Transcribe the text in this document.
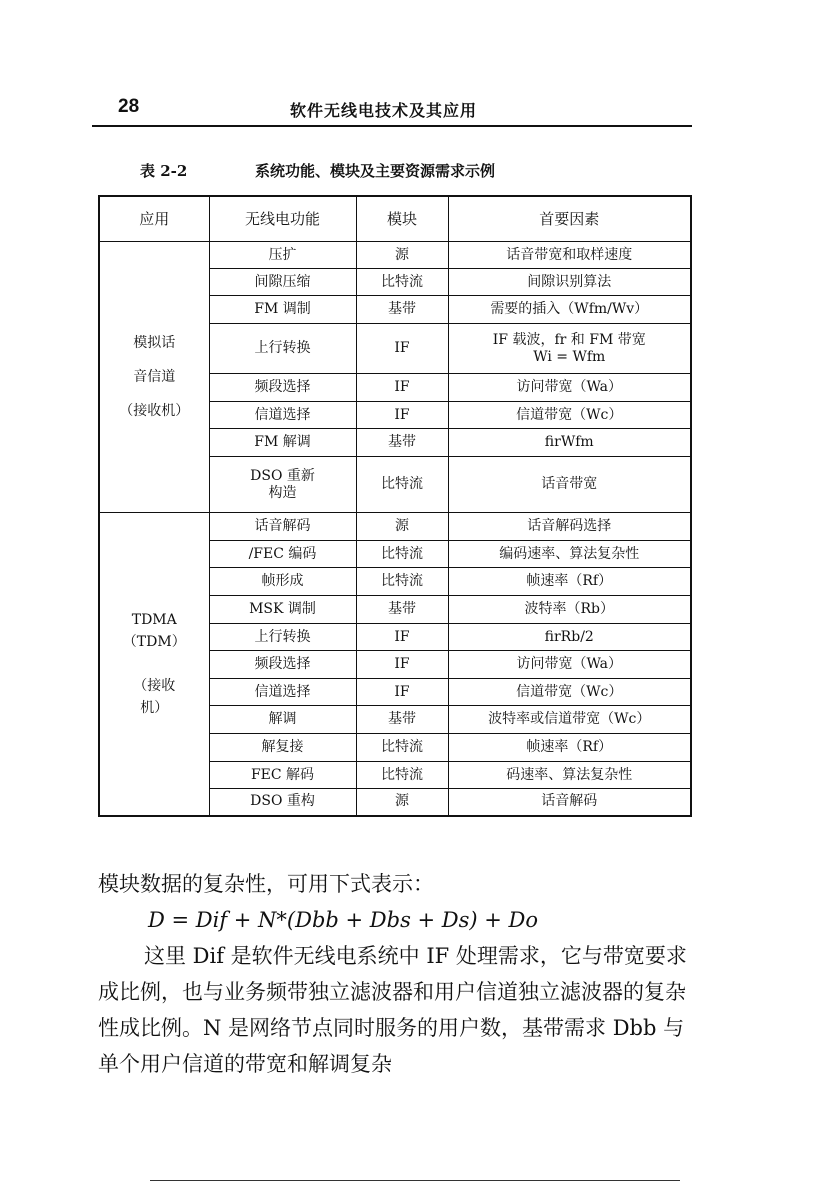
28	软件无线电技术及其应用
表 2-2	系统功能、模块及主要资源需求示例
应用	无线电功能	模块	首要因素

模拟话
音信道
（接收机）	压扩	源	话音带宽和取样速度

	间隙压缩	比特流	间隙识别算法

	FM 调制	基带	需要的插入（Wfm/Wv）

	上行转换	IF	IF 载波，fr 和 FM 带宽
Wi = Wfm

	频段选择	IF	访问带宽（Wa）

	信道选择	IF	信道带宽（Wc）

	FM 解调	基带	firWfm

	DSO 重新
构造	比特流	话音带宽

TDMA
（TDM）

（接收
机）	话音解码	源	话音解码选择

	/FEC 编码	比特流	编码速率、算法复杂性

	帧形成	比特流	帧速率（Rf）

	MSK 调制	基带	波特率（Rb）

	上行转换	IF	firRb/2

	频段选择	IF	访问带宽（Wa）

	信道选择	IF	信道带宽（Wc）

	解调	基带	波特率或信道带宽（Wc）

	解复接	比特流	帧速率（Rf）

	FEC 解码	比特流	码速率、算法复杂性

	DSO 重构	源	话音解码

模块数据的复杂性，可用下式表示：

D = Dif + N*(Dbb + Dbs + Ds) + Do

这里 Dif 是软件无线电系统中 IF 处理需求，它与带宽要求成比例，也与业务频带独立滤波器和用户信道独立滤波器的复杂性成比例。N 是网络节点同时服务的用户数，基带需求 Dbb 与单个用户信道的带宽和解调复杂
